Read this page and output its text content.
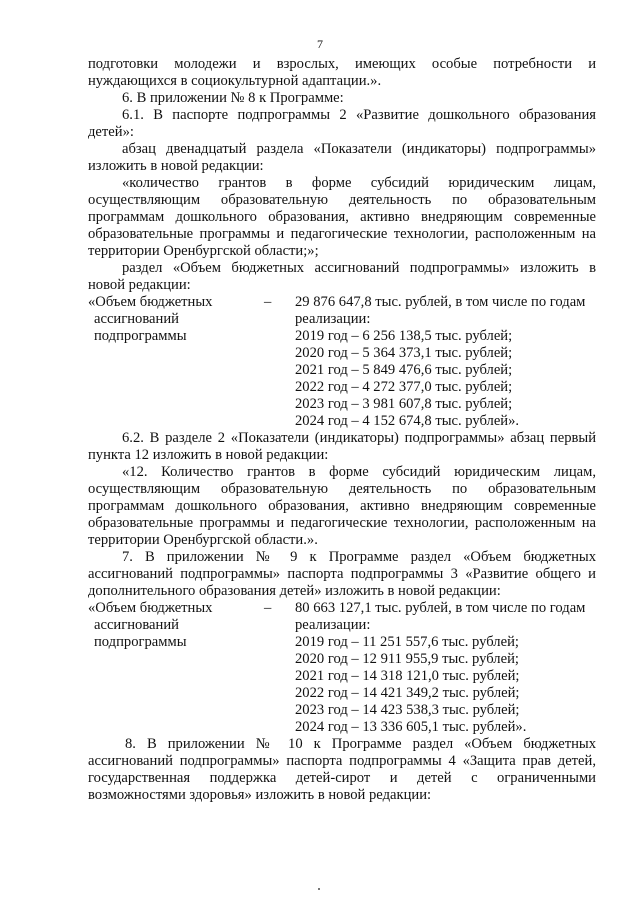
7

подготовки молодежи и взрослых, имеющих особые потребности и нуждающихся в социокультурной адаптации.».

6. В приложении № 8 к Программе:

6.1. В паспорте подпрограммы 2 «Развитие дошкольного образования детей»:

абзац двенадцатый раздела «Показатели (индикаторы) подпрограммы» изложить в новой редакции:

«количество грантов в форме субсидий юридическим лицам, осуществляющим образовательную деятельность по образовательным программам дошкольного образования, активно внедряющим современные образовательные программы и педагогические технологии, расположенным на территории Оренбургской области;»;

раздел «Объем бюджетных ассигнований подпрограммы» изложить в новой редакции:

«Объем бюджетных
ассигнований
подпрограммы
– 29 876 647,8 тыс. рублей, в том числе по годам
реализации:
2019 год – 6 256 138,5 тыс. рублей;
2020 год – 5 364 373,1 тыс. рублей;
2021 год – 5 849 476,6 тыс. рублей;
2022 год – 4 272 377,0 тыс. рублей;
2023 год – 3 981 607,8 тыс. рублей;
2024 год – 4 152 674,8 тыс. рублей».

6.2. В разделе 2 «Показатели (индикаторы) подпрограммы» абзац первый пункта 12 изложить в новой редакции:

«12. Количество грантов в форме субсидий юридическим лицам, осуществляющим образовательную деятельность по образовательным программам дошкольного образования, активно внедряющим современные образовательные программы и педагогические технологии, расположенным на территории Оренбургской области.».

7. В приложении № 9 к Программе раздел «Объем бюджетных ассигнований подпрограммы» паспорта подпрограммы 3 «Развитие общего и дополнительного образования детей» изложить в новой редакции:

«Объем бюджетных
ассигнований
подпрограммы
– 80 663 127,1 тыс. рублей, в том числе по годам
реализации:
2019 год – 11 251 557,6 тыс. рублей;
2020 год – 12 911 955,9 тыс. рублей;
2021 год – 14 318 121,0 тыс. рублей;
2022 год – 14 421 349,2 тыс. рублей;
2023 год – 14 423 538,3 тыс. рублей;
2024 год – 13 336 605,1 тыс. рублей».

8. В приложении № 10 к Программе раздел «Объем бюджетных ассигнований подпрограммы» паспорта подпрограммы 4 «Защита прав детей, государственная поддержка детей-сирот и детей с ограниченными возможностями здоровья» изложить в новой редакции:
